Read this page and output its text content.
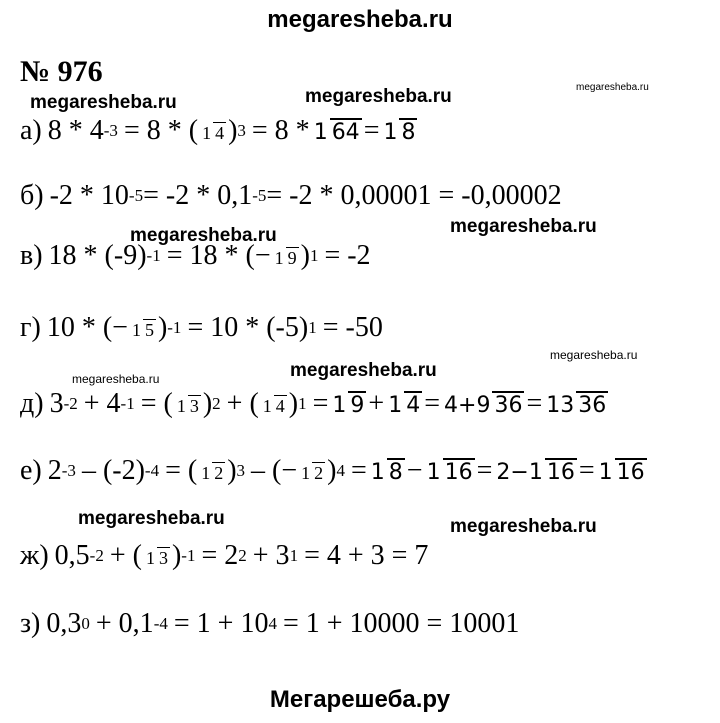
megaresheba.ru
megaresheba.ru	megaresheba.ru	megaresheba.ru
megaresheba.ru	megaresheba.ru
megaresheba.ru
megaresheba.ru
megaresheba.ru
megaresheba.ru	megaresheba.ru
№ 976
а) 8 * 4 -3 = 8 * ( 1 4 ) 3 = 8 * 1 64 = 1 8
б) -2 * 10 -5 = -2 * 0,1 -5 = -2 * 0,00001 = -0,00002
в) 18 * (-9) -1 = 18 * (− 1 9 ) 1 = -2
г) 10 * (− 1 5 ) -1 = 10 * (-5) 1 = -50
д) 3 -2 + 4 -1 = ( 1 3 ) 2 + ( 1 4 ) 1 = 1 9 + 1 4 = 4+9 36 = 13 36
е) 2 -3 – (-2) -4 = ( 1 2 ) 3 – (− 1 2 ) 4 = 1 8 − 1 16 = 2−1 16 = 1 16
ж) 0,5 -2 + ( 1 3 ) -1 = 2 2 + 3 1 = 4 + 3 = 7
з) 0,3 0 + 0,1 -4 = 1 + 10 4 = 1 + 10000 = 10001
Мегарешеба.ру
